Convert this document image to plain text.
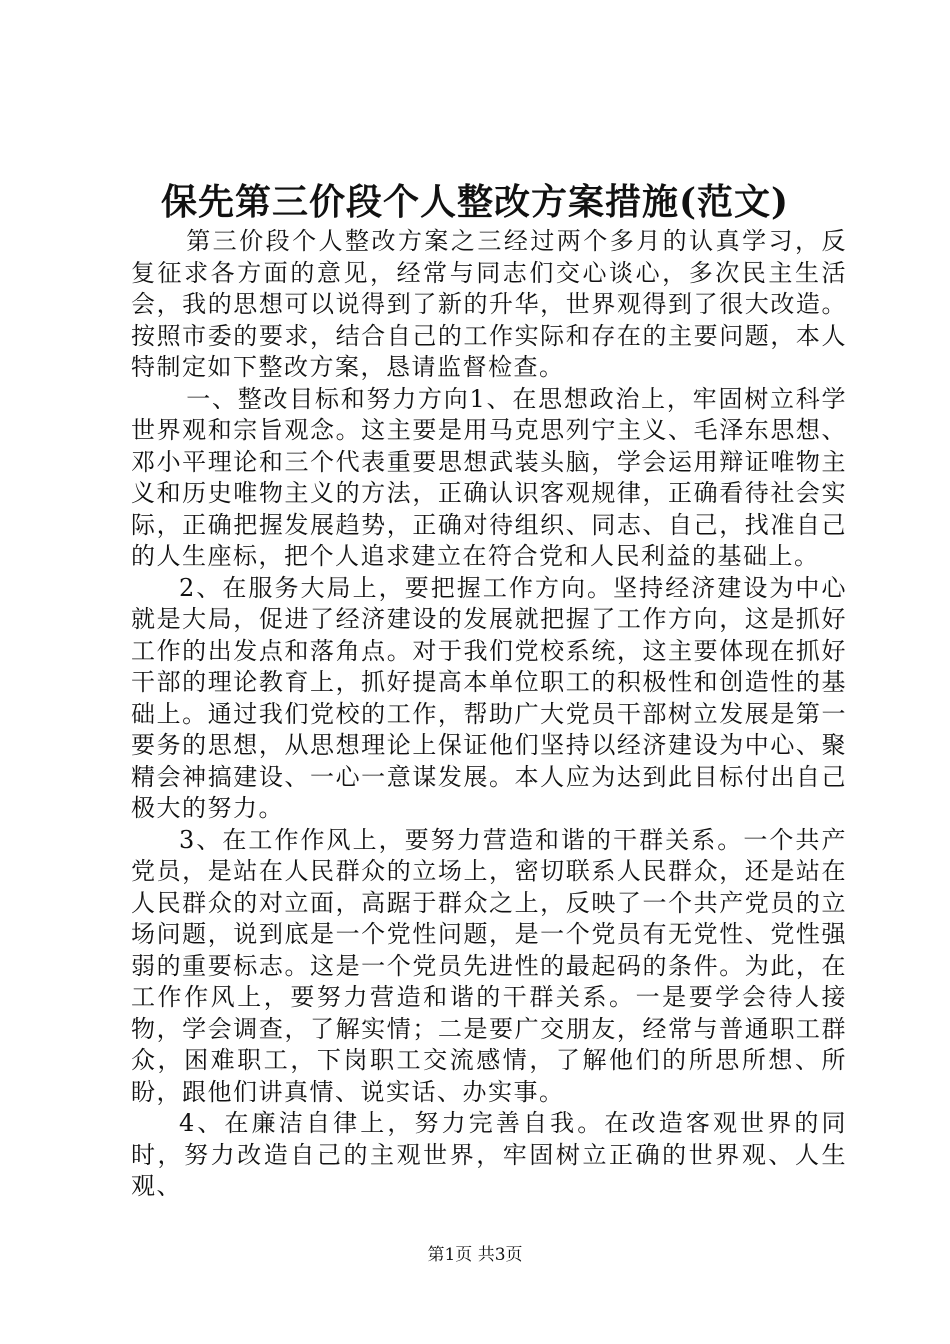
保先第三价段个人整改方案措施(范文)

第三价段个人整改方案之三经过两个多月的认真学习，反复征求各方面的意见，经常与同志们交心谈心，多次民主生活会，我的思想可以说得到了新的升华，世界观得到了很大改造。按照市委的要求，结合自己的工作实际和存在的主要问题，本人特制定如下整改方案，恳请监督检查。

一、整改目标和努力方向1、在思想政治上，牢固树立科学世界观和宗旨观念。这主要是用马克思列宁主义、毛泽东思想、邓小平理论和三个代表重要思想武装头脑，学会运用辩证唯物主义和历史唯物主义的方法，正确认识客观规律，正确看待社会实际，正确把握发展趋势，正确对待组织、同志、自己，找准自己的人生座标，把个人追求建立在符合党和人民利益的基础上。

2、在服务大局上，要把握工作方向。坚持经济建设为中心就是大局，促进了经济建设的发展就把握了工作方向，这是抓好工作的出发点和落角点。对于我们党校系统，这主要体现在抓好干部的理论教育上，抓好提高本单位职工的积极性和创造性的基础上。通过我们党校的工作，帮助广大党员干部树立发展是第一要务的思想，从思想理论上保证他们坚持以经济建设为中心、聚精会神搞建设、一心一意谋发展。本人应为达到此目标付出自己极大的努力。

3、在工作作风上，要努力营造和谐的干群关系。一个共产党员，是站在人民群众的立场上，密切联系人民群众，还是站在人民群众的对立面，高踞于群众之上，反映了一个共产党员的立场问题，说到底是一个党性问题，是一个党员有无党性、党性强弱的重要标志。这是一个党员先进性的最起码的条件。为此，在工作作风上，要努力营造和谐的干群关系。一是要学会待人接物，学会调查，了解实情；二是要广交朋友，经常与普通职工群众，困难职工，下岗职工交流感情，了解他们的所思所想、所盼，跟他们讲真情、说实话、办实事。

4、在廉洁自律上，努力完善自我。在改造客观世界的同时，努力改造自己的主观世界，牢固树立正确的世界观、人生观、

第1页 共3页
